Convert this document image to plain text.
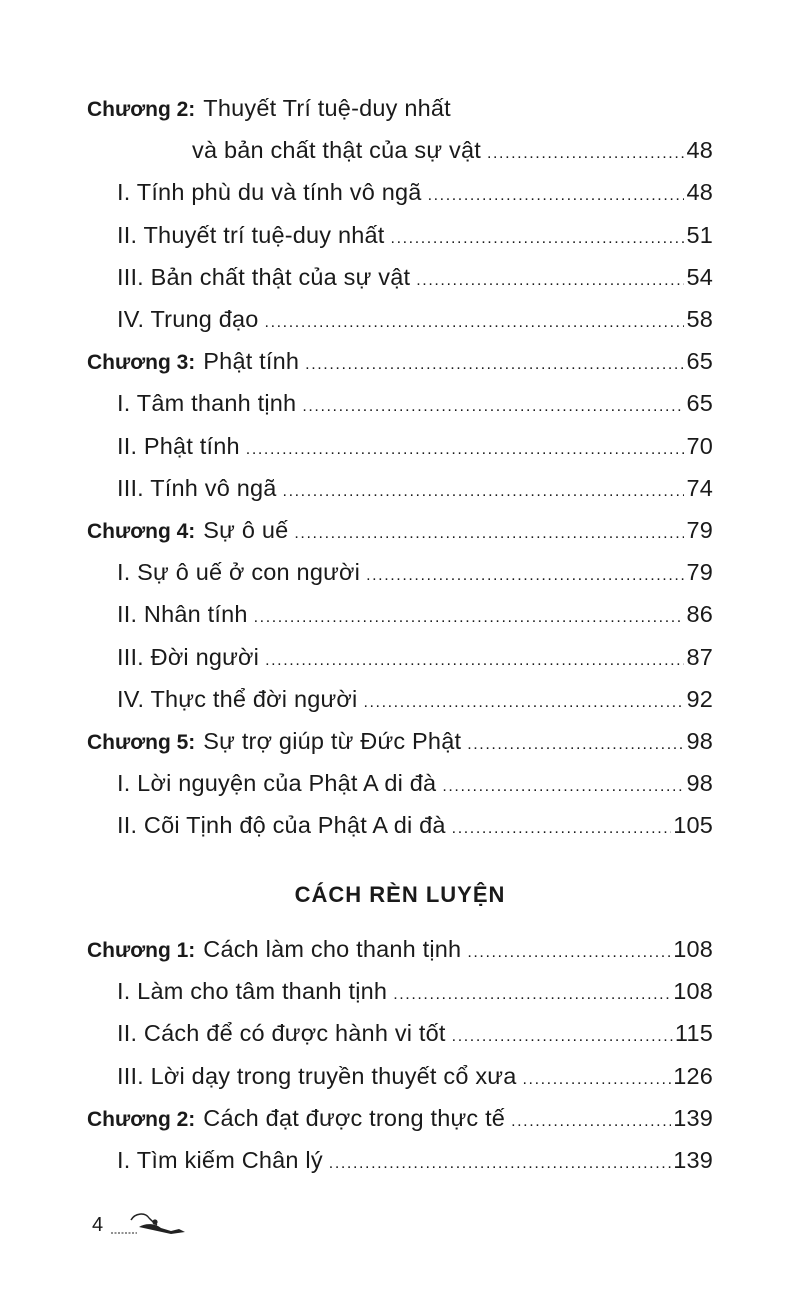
Chương 2: Thuyết Trí tuệ-duy nhất
và bản chất thật của sự vật .....	48
I. Tính phù du và tính vô ngã .....	48
II. Thuyết trí tuệ-duy nhất .....	51
III. Bản chất thật của sự vật .....	54
IV. Trung đạo .....	58
Chương 3: Phật tính .....	65
I. Tâm thanh tịnh .....	65
II. Phật tính .....	70
III. Tính vô ngã .....	74
Chương 4: Sự ô uế .....	79
I. Sự ô uế ở con người .....	79
II. Nhân tính .....	86
III. Đời người .....	87
IV. Thực thể đời người .....	92
Chương 5: Sự trợ giúp từ Đức Phật .....	98
I. Lời nguyện của Phật A di đà .....	98
II. Cõi Tịnh độ của Phật A di đà .....	105
CÁCH RÈN LUYỆN
Chương 1: Cách làm cho thanh tịnh .....	108
I. Làm cho tâm thanh tịnh .....	108
II. Cách để có được hành vi tốt .....	115
III. Lời dạy trong truyền thuyết cổ xưa .....	126
Chương 2: Cách đạt được trong thực tế .....	139
I. Tìm kiếm Chân lý .....	139
4
